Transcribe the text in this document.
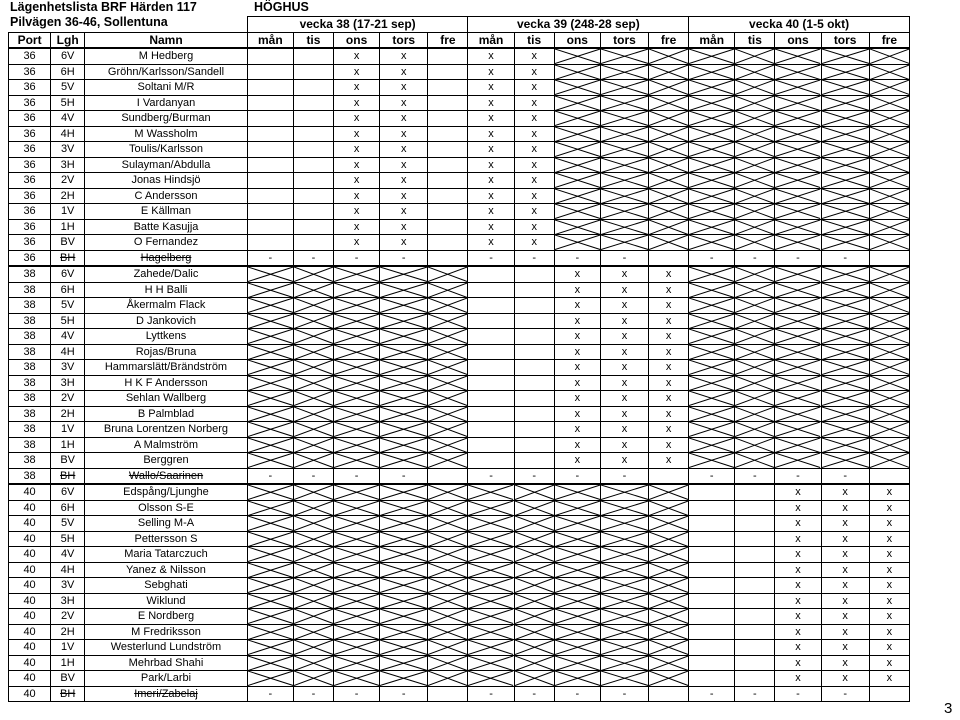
Lägenhetslista BRF Härden 117
Pilvägen 36-46, Sollentuna
HÖGHUS
			vecka 38 (17-21 sep)					vecka 39 (248-28 sep)					vecka 40 (1-5 okt)				
Port	Lgh	Namn	mån	tis	ons	tors	fre	mån	tis	ons	tors	fre	mån	tis	ons	tors	fre
36	6V	M Hedberg			x	x		x	x	

36	6H	Gröhn/Karlsson/Sandell			x	x		x	x	

36	5V	Soltani M/R			x	x		x	x	

36	5H	I Vardanyan			x	x		x	x	

36	4V	Sundberg/Burman			x	x		x	x	

36	4H	M Wassholm			x	x		x	x	

36	3V	Toulis/Karlsson			x	x		x	x	

36	3H	Sulayman/Abdulla			x	x		x	x	

36	2V	Jonas Hindsjö			x	x		x	x	

36	2H	C Andersson			x	x		x	x	

36	1V	E Källman			x	x		x	x	

36	1H	Batte Kasujja			x	x		x	x	

36	BV	O Fernandez			x	x		x	x	

36	BH	Hagelberg	-	-	-	-		-	-	-	-		-	-	-	-	
38	6V	Zahede/Dalic								x	x	x	

38	6H	H H Balli								x	x	x	

38	5V	Åkermalm Flack								x	x	x	

38	5H	D Jankovich								x	x	x	

38	4V	Lyttkens								x	x	x	

38	4H	Rojas/Bruna								x	x	x	

38	3V	Hammarslätt/Brändström								x	x	x	

38	3H	H K F Andersson								x	x	x	

38	2V	Sehlan Wallberg								x	x	x	

38	2H	B Palmblad								x	x	x	

38	1V	Bruna Lorentzen Norberg								x	x	x	

38	1H	A Malmström								x	x	x	

38	BV	Berggren								x	x	x	

38	BH	Wallo/Saarinen	-	-	-	-		-	-	-	-		-	-	-	-	
40	6V	Edspång/Ljunghe													x	x	x
40	6H	Olsson S-E													x	x	x
40	5V	Selling M-A													x	x	x
40	5H	Pettersson S													x	x	x
40	4V	Maria Tatarczuch													x	x	x
40	4H	Yanez & Nilsson													x	x	x
40	3V	Sebghati													x	x	x
40	3H	Wiklund													x	x	x
40	2V	E Nordberg													x	x	x
40	2H	M Fredriksson													x	x	x
40	1V	Westerlund Lundström													x	x	x
40	1H	Mehrbad Shahi													x	x	x
40	BV	Park/Larbi													x	x	x
40	BH	Imeri/Zabelaj	-	-	-	-		-	-	-	-		-	-	-	-	
3
